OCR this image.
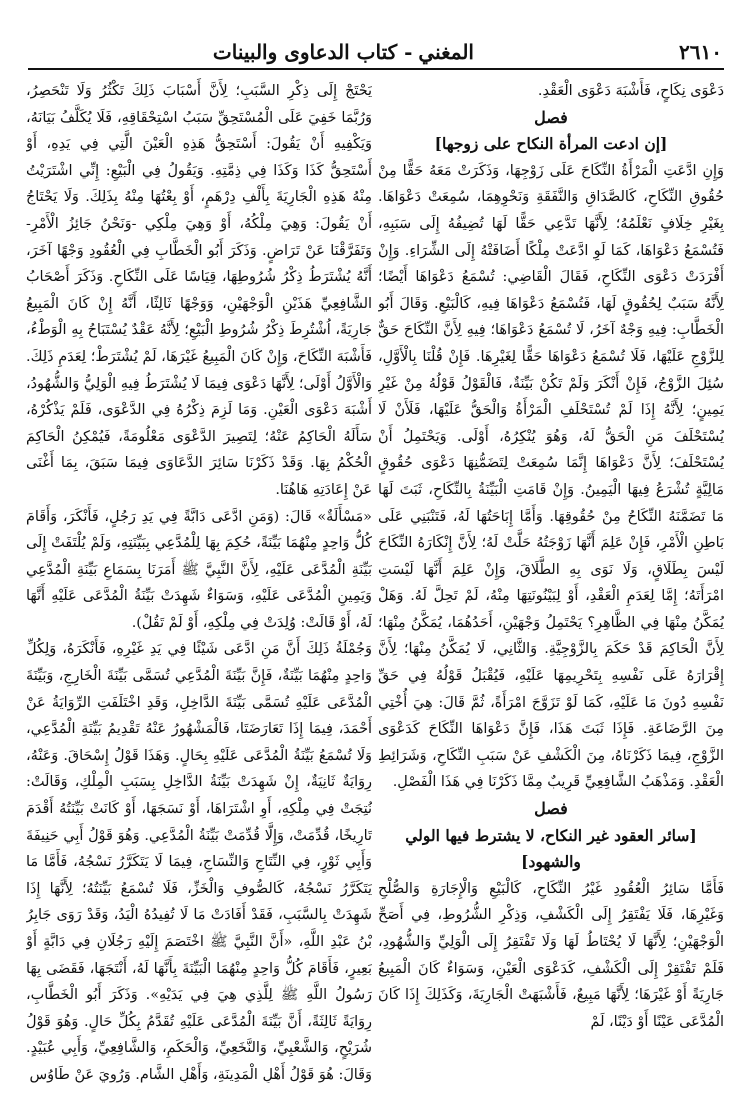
٢٦١٠
المغني- كتاب الدعاوى والبينات

دَعْوَى نِكَاحٍ، فَأَشْبَهَ دَعْوَى الْعَقْدِ.

فصل

[إن ادعت المرأة النكاح على زوجها]

وَإِنِ ادَّعَتِ الْمَرْأَةُ النِّكَاحَ عَلَى زَوْجِهَا، وَذَكَرَتْ مَعَهُ حَقًّا مِنْ حُقُوقِ النِّكَاحِ، كَالصَّدَاقِ وَالنَّفَقَةِ وَنَحْوِهِمَا، سُمِعَتْ دَعْوَاهَا. بِغَيْرِ خِلَافٍ نَعْلَمُهُ؛ لِأَنَّهَا تَدَّعِي حَقًّا لَهَا تُضِيفُهُ إِلَى سَبَبِهِ، فَتُسْمَعُ دَعْوَاهَا، كَمَا لَوِ ادَّعَتْ مِلْكًا أَضَافَتْهُ إِلَى الشِّرَاءِ. وَإِنْ أَفْرَدَتْ دَعْوَى النِّكَاحِ، فَقَالَ الْقَاضِي: تُسْمَعُ دَعْوَاهَا أَيْضًا؛ لِأَنَّهُ سَبَبٌ لِحُقُوقٍ لَهَا، فَتُسْمَعُ دَعْوَاهَا فِيهِ، كَالْبَيْعِ. وَقَالَ أَبُو الْخَطَّابِ: فِيهِ وَجْهٌ آخَرُ، لَا تُسْمَعُ دَعْوَاهَا؛ فِيهِ لِأَنَّ النِّكَاحَ حَقٌّ لِلزَّوْجِ عَلَيْهَا، فَلَا تُسْمَعُ دَعْوَاهَا حَقًّا لِغَيْرِهَا. فَإِنْ قُلْنَا بِالْأَوَّلِ، سُئِلَ الزَّوْجُ، فَإِنْ أَنْكَرَ وَلَمْ تَكُنْ بَيِّنَةٌ، فَالْقَوْلُ قَوْلُهُ مِنْ غَيْرِ يَمِينٍ؛ لِأَنَّهُ إِذَا لَمْ تُسْتَحْلَفِ الْمَرْأَةُ وَالْحَقُّ عَلَيْهَا، فَلَأَنْ لَا يُسْتَحْلَفَ مَنِ الْحَقُّ لَهُ، وَهُوَ يُنْكِرُهُ، أَوْلَى. وَيَحْتَمِلُ أَنْ يُسْتَحْلَفَ؛ لِأَنَّ دَعْوَاهَا إِنَّمَا سُمِعَتْ لِتَضَمُّنِهَا دَعْوَى حُقُوقٍ مَالِيَّةٍ تُشْرَعُ فِيهَا الْيَمِينُ. وَإِنْ قَامَتِ الْبَيِّنَةُ بِالنِّكَاحِ، ثَبَتَ لَهَا مَا تَضَمَّنَهُ النِّكَاحُ مِنْ حُقُوقِهَا. وَأَمَّا إِبَاحَتُهَا لَهُ، فَتَنْبَنِي عَلَى بَاطِنِ الْأَمْرِ، فَإِنْ عَلِمَ أَنَّهَا زَوْجَتُهُ حَلَّتْ لَهُ؛ لِأَنَّ إِنْكَارَهُ النِّكَاحَ لَيْسَ بِطَلَاقٍ، وَلَا نَوَى بِهِ الطَّلَاقَ، وَإِنْ عَلِمَ أَنَّهَا لَيْسَتِ امْرَأَتَهُ؛ إِمَّا لِعَدَمِ الْعَقْدِ، أَوْ لِبَيْنُونَتِهَا مِنْهُ، لَمْ تَحِلَّ لَهُ. وَهَلْ يُمَكَّنُ مِنْهَا فِي الظَّاهِرِ؟ يَحْتَمِلُ وَجْهَيْنِ، أَحَدُهُمَا، يُمَكَّنُ مِنْهَا؛ لِأَنَّ الْحَاكِمَ قَدْ حَكَمَ بِالزَّوْجِيَّةِ. وَالثَّانِي، لَا يُمَكَّنُ مِنْهَا؛ لِأَنَّ إِقْرَارَهُ عَلَى نَفْسِهِ بِتَحْرِيمِهَا عَلَيْهِ، فَيُقْبَلُ قَوْلُهُ فِي حَقِّ نَفْسِهِ دُونَ مَا عَلَيْهِ، كَمَا لَوْ تَزَوَّجَ امْرَأَةً، ثُمَّ قَالَ: هِيَ أُخْتِي مِنَ الرَّضَاعَةِ. فَإِذَا ثَبَتَ هَذَا، فَإِنَّ دَعْوَاهَا النِّكَاحَ كَدَعْوَى الزَّوْجِ، فِيمَا ذَكَرْنَاهُ، مِنَ الْكَشْفِ عَنْ سَبَبِ النِّكَاحِ، وَشَرَائِطِ الْعَقْدِ. وَمَذْهَبُ الشَّافِعِيِّ قَرِيبٌ مِمَّا ذَكَرْنَا فِي هَذَا الْفَصْلِ.

فصل

[سائر العقود غير النكاح، لا يشترط فيها الولي والشهود]

فَأَمَّا سَائِرُ الْعُقُودِ غَيْرُ النِّكَاحِ، كَالْبَيْعِ وَالْإِجَارَةِ وَالصُّلْحِ وَغَيْرِهَا، فَلَا يَفْتَقِرُ إِلَى الْكَشْفِ، وَذِكْرِ الشُّرُوطِ، فِي أَصَحِّ الْوَجْهَيْنِ؛ لِأَنَّهَا لَا يُحْتَاطُ لَهَا وَلَا تَفْتَقِرُ إِلَى الْوَلِيِّ وَالشُّهُودِ، فَلَمْ تَفْتَقِرْ إِلَى الْكَشْفِ، كَدَعْوَى الْعَيْنِ، وَسَوَاءٌ كَانَ الْمَبِيعُ جَارِيَةً أَوْ غَيْرَهَا؛ لِأَنَّهَا مَبِيعٌ، فَأَشْبَهَتْ الْجَارِيَةَ، وَكَذَلِكَ إِذَا كَانَ الْمُدَّعَى عَيْنًا أَوْ دَيْنًا، لَمْ

يَحْتَجْ إِلَى ذِكْرِ السَّبَبِ؛ لِأَنَّ أَسْبَابَ ذَلِكَ تَكْثُرُ وَلَا تَنْحَصِرُ، وَرُبَّمَا خَفِيَ عَلَى الْمُسْتَحِقِّ سَبَبُ اسْتِحْقَاقِهِ، فَلَا يُكَلَّفُ بَيَانَهُ، وَيَكْفِيهِ أَنْ يَقُولَ: أَسْتَحِقُّ هَذِهِ الْعَيْنَ الَّتِي فِي يَدِهِ، أَوْ أَسْتَحِقُّ كَذَا وَكَذَا فِي ذِمَّتِهِ. وَيَقُولُ فِي الْبَيْعِ: إِنِّي اشْتَرَيْتُ مِنْهُ هَذِهِ الْجَارِيَةَ بِأَلْفِ دِرْهَمٍ، أَوْ بِعْتُهَا مِنْهُ بِذَلِكَ. وَلَا يَحْتَاجُ أَنْ يَقُولَ: وَهِيَ مِلْكُهُ، أَوْ وَهِيَ مِلْكِي -وَنَحْنُ جَائِزُ الْأَمْرِ- وَتَفَرَّقْنَا عَنْ تَرَاضٍ. وَذَكَرَ أَبُو الْخَطَّابِ فِي الْعُقُودِ وَجْهًا آخَرَ، أَنَّهُ يُشْتَرَطُ ذِكْرُ شُرُوطِهَا، قِيَاسًا عَلَى النِّكَاحِ. وَذَكَرَ أَصْحَابُ الشَّافِعِيِّ هَذَيْنِ الْوَجْهَيْنِ، وَوَجْهًا ثَالِثًا، أَنَّهُ إِنْ كَانَ الْمَبِيعُ جَارِيَةً، اُشْتُرِطَ ذِكْرُ شُرُوطِ الْبَيْعِ؛ لِأَنَّهُ عَقْدٌ يُسْتَبَاحُ بِهِ الْوَطْءُ، فَأَشْبَهَ النِّكَاحَ، وَإِنْ كَانَ الْمَبِيعُ غَيْرَهَا، لَمْ يُشْتَرَطْ؛ لِعَدَمِ ذَلِكَ. وَالْأَوَّلُ أَوْلَى؛ لِأَنَّهَا دَعْوَى فِيمَا لَا يُشْتَرَطُ فِيهِ الْوَلِيُّ وَالشُّهُودُ، أَشْبَهَ دَعْوَى الْعَيْنِ. وَمَا لَزِمَ ذِكْرُهُ فِي الدَّعْوَى، فَلَمْ يَذْكُرْهُ، سَأَلَهُ الْحَاكِمُ عَنْهُ؛ لِتَصِيرَ الدَّعْوَى مَعْلُومَةً، فَيُمْكِنُ الْحَاكِمَ الْحُكْمُ بِهَا. وَقَدْ ذَكَرْنَا سَائِرَ الدَّعَاوَى فِيمَا سَبَقَ، بِمَا أَغْنَى عَنْ إِعَادَتِهِ هَاهُنَا.

«مَسْأَلَةٌ» قَالَ: (وَمَنِ ادَّعَى دَابَّةً فِي يَدِ رَجُلٍ، فَأَنْكَرَ، وَأَقَامَ كُلُّ وَاحِدٍ مِنْهُمَا بَيِّنَةً، حُكِمَ بِهَا لِلْمُدَّعِي بِبَيِّنَتِهِ، وَلَمْ يُلْتَفَتْ إِلَى بَيِّنَةِ الْمُدَّعَى عَلَيْهِ، لِأَنَّ النَّبِيَّ ﷺ أَمَرَنَا بِسَمَاعِ بَيِّنَةِ الْمُدَّعِي وَيَمِينِ الْمُدَّعَى عَلَيْهِ، وَسَوَاءٌ شَهِدَتْ بَيِّنَةُ الْمُدَّعَى عَلَيْهِ أَنَّهَا لَهُ، أَوْ قَالَتْ: وُلِدَتْ فِي مِلْكِهِ، أَوْ لَمْ تَقُلْ).

وَجُمْلَةُ ذَلِكَ أَنَّ مَنِ ادَّعَى شَيْئًا فِي يَدِ غَيْرِهِ، فَأَنْكَرَهُ، وَلِكُلِّ وَاحِدٍ مِنْهُمَا بَيِّنَةٌ، فَإِنَّ بَيِّنَةَ الْمُدَّعِي تُسَمَّى بَيِّنَةَ الْخَارِجِ، وَبَيِّنَةَ الْمُدَّعَى عَلَيْهِ تُسَمَّى بَيِّنَةَ الدَّاخِلِ، وَقَدِ اخْتَلَفَتِ الرِّوَايَةُ عَنْ أَحْمَدَ، فِيمَا إِذَا تَعَارَضَتَا، فَالْمَشْهُورُ عَنْهُ تَقْدِيمُ بَيِّنَةِ الْمُدَّعِي، وَلَا تُسْمَعُ بَيِّنَةُ الْمُدَّعَى عَلَيْهِ بِحَالٍ. وَهَذَا قَوْلُ إِسْحَاقَ. وَعَنْهُ، رِوَايَةٌ ثَانِيَةٌ، إِنْ شَهِدَتْ بَيِّنَةُ الدَّاخِلِ بِسَبَبِ الْمِلْكِ، وَقَالَتْ: نُتِجَتْ فِي مِلْكِهِ، أَوِ اشْتَرَاهَا، أَوْ نَسَجَهَا، أَوْ كَانَتْ بَيِّنَتُهُ أَقْدَمَ تَارِيخًا، قُدِّمَتْ، وَإِلَّا قُدِّمَتْ بَيِّنَةُ الْمُدَّعِي. وَهُوَ قَوْلُ أَبِي حَنِيفَةَ وَأَبِي ثَوْرٍ، فِي النِّتَاجِ وَالنِّسَاجِ، فِيمَا لَا يَتَكَرَّرُ نَسْجُهُ، فَأَمَّا مَا يَتَكَرَّرُ نَسْجُهُ، كَالصُّوفِ وَالْخَزِّ، فَلَا تُسْمَعُ بَيِّنَتُهُ؛ لِأَنَّهَا إِذَا شَهِدَتْ بِالسَّبَبِ، فَقَدْ أَفَادَتْ مَا لَا تُفِيدُهُ الْيَدُ، وَقَدْ رَوَى جَابِرُ بْنُ عَبْدِ اللَّهِ، «أَنَّ النَّبِيَّ ﷺ اخْتَصَمَ إِلَيْهِ رَجُلَانِ فِي دَابَّةٍ أَوْ بَعِيرٍ، فَأَقَامَ كُلُّ وَاحِدٍ مِنْهُمَا الْبَيِّنَةَ بِأَنَّهَا لَهُ، أَنْتَجَهَا، فَقَضَى بِهَا رَسُولُ اللَّهِ ﷺ لِلَّذِي هِيَ فِي يَدَيْهِ». وَذَكَرَ أَبُو الْخَطَّابِ، رِوَايَةً ثَالِثَةً، أَنَّ بَيِّنَةَ الْمُدَّعَى عَلَيْهِ تُقَدَّمُ بِكُلِّ حَالٍ. وَهُوَ قَوْلُ شُرَيْحٍ، وَالشَّعْبِيِّ، وَالنَّخَعِيِّ، وَالْحَكَمِ، وَالشَّافِعِيِّ، وَأَبِي عُبَيْدٍ. وَقَالَ: هُوَ قَوْلُ أَهْلِ الْمَدِينَةِ، وَأَهْلِ الشَّامِ. وَرُوِيَ عَنْ طَاوُسٍ
